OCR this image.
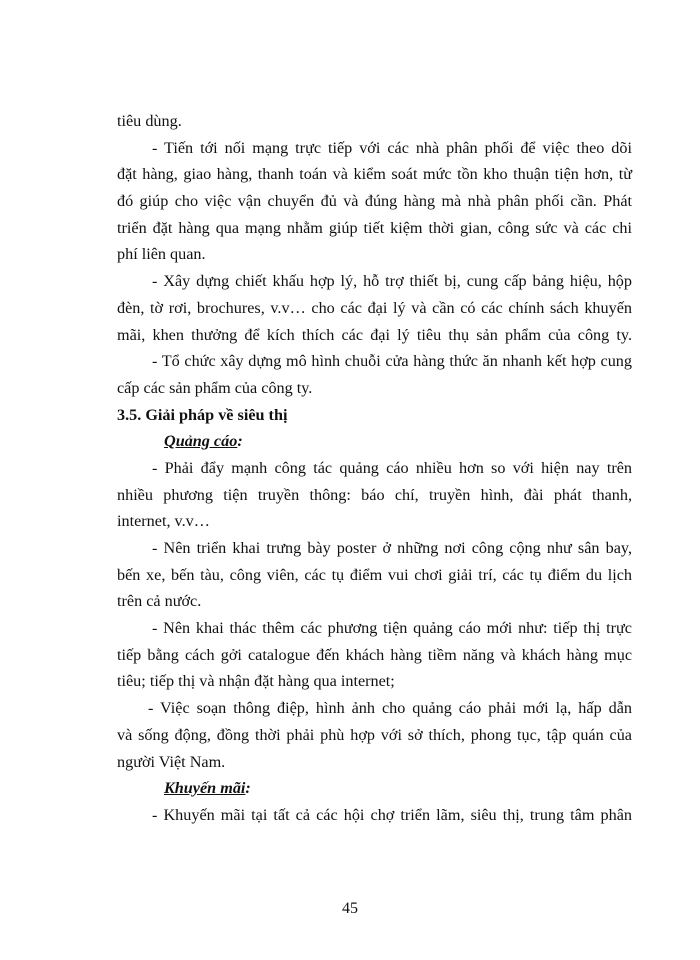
tiêu dùng.
- Tiến tới nối mạng trực tiếp với các nhà phân phối để việc theo dõi
đặt hàng, giao hàng, thanh toán và kiểm soát mức tồn kho thuận tiện hơn, từ
đó giúp cho việc vận chuyển đủ và đúng hàng mà nhà phân phối cần. Phát
triển đặt hàng qua mạng nhằm giúp tiết kiệm thời gian, công sức và các chi
phí liên quan.
- Xây dựng chiết khấu hợp lý, hỗ trợ thiết bị, cung cấp bảng hiệu, hộp
đèn, tờ rơi, brochures, v.v… cho các đại lý và cần có các chính sách khuyến
mãi, khen thưởng để kích thích các đại lý tiêu thụ sản phẩm của công ty.
- Tổ chức xây dựng mô hình chuỗi cửa hàng thức ăn nhanh kết hợp cung
cấp các sản phẩm của công ty.
3.5. Giải pháp về siêu thị
Quảng cáo:
- Phải đẩy mạnh công tác quảng cáo nhiều hơn so với hiện nay trên
nhiều phương tiện truyền thông: báo chí, truyền hình, đài phát thanh,
internet, v.v…
- Nên triển khai trưng bày poster ở những nơi công cộng như sân bay,
bến xe, bến tàu, công viên, các tụ điểm vui chơi giải trí, các tụ điểm du lịch
trên cả nước.
- Nên khai thác thêm các phương tiện quảng cáo mới như: tiếp thị trực
tiếp bằng cách gởi catalogue đến khách hàng tiềm năng và khách hàng mục
tiêu; tiếp thị và nhận đặt hàng qua internet;
- Việc soạn thông điệp, hình ảnh cho quảng cáo phải mới lạ, hấp dẫn
và sống động, đồng thời phải phù hợp với sở thích, phong tục, tập quán của
người Việt Nam.
Khuyến mãi:
- Khuyến mãi tại tất cả các hội chợ triển lãm, siêu thị, trung tâm phân
45
